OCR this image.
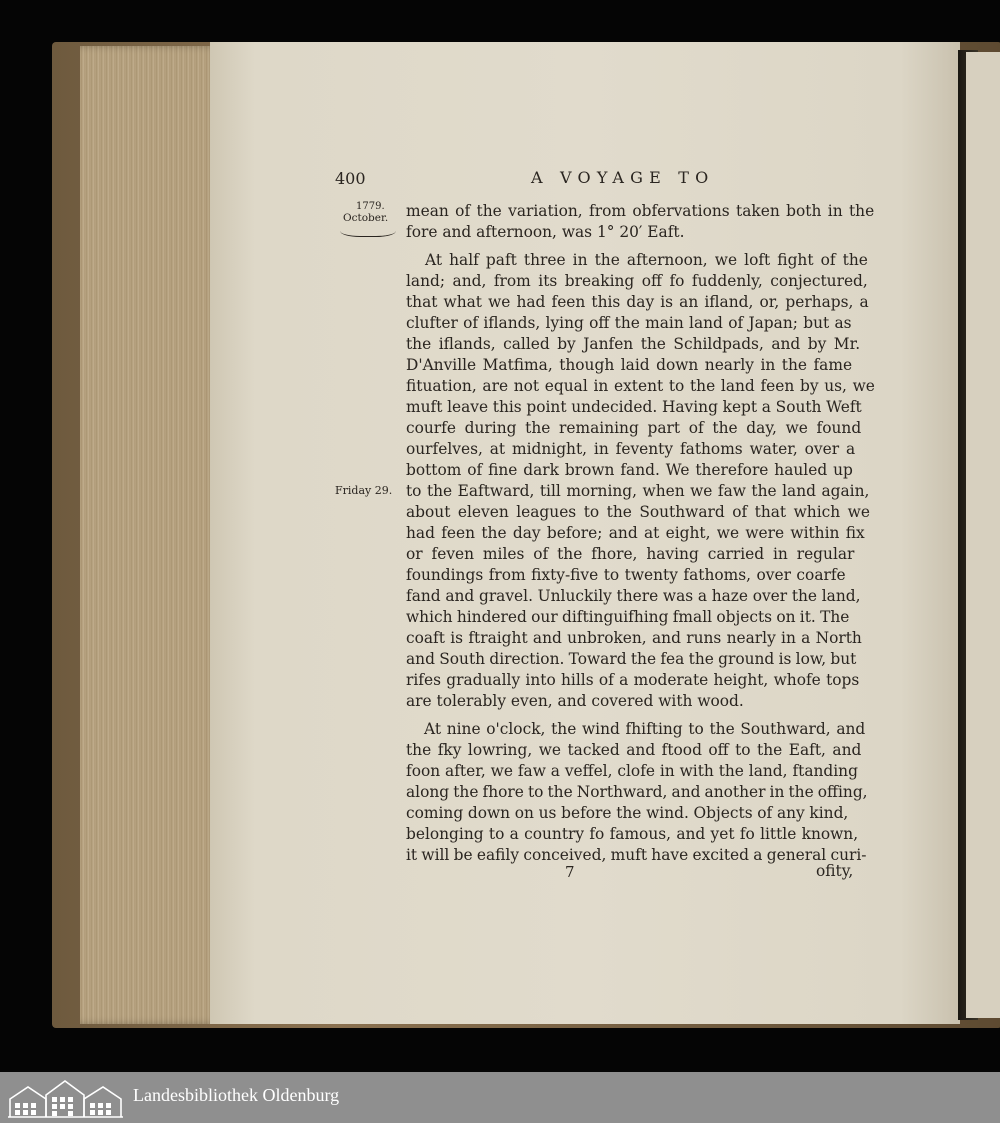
400	A VOYAGE TO
1779.
October.
Friday 29.
mean of the variation, from obfervations taken both in the
fore and afternoon, was 1° 20′ Eaft.
At half paft three in the afternoon, we loft fight of the
land; and, from its breaking off fo fuddenly, conjectured,
that what we had feen this day is an ifland, or, perhaps, a
clufter of iflands, lying off the main land of Japan; but as
the iflands, called by Janfen the Schildpads, and by Mr.
D'Anville Matfima, though laid down nearly in the fame
fituation, are not equal in extent to the land feen by us, we
muft leave this point undecided. Having kept a South Weft
courfe during the remaining part of the day, we found
ourfelves, at midnight, in feventy fathoms water, over a
bottom of fine dark brown fand. We therefore hauled up
to the Eaftward, till morning, when we faw the land again,
about eleven leagues to the Southward of that which we
had feen the day before; and at eight, we were within fix
or feven miles of the fhore, having carried in regular
foundings from fixty-five to twenty fathoms, over coarfe
fand and gravel. Unluckily there was a haze over the land,
which hindered our diftinguifhing fmall objects on it. The
coaft is ftraight and unbroken, and runs nearly in a North
and South direction. Toward the fea the ground is low, but
rifes gradually into hills of a moderate height, whofe tops
are tolerably even, and covered with wood.
At nine o'clock, the wind fhifting to the Southward, and
the fky lowring, we tacked and ftood off to the Eaft, and
foon after, we faw a veffel, clofe in with the land, ftanding
along the fhore to the Northward, and another in the offing,
coming down on us before the wind. Objects of any kind,
belonging to a country fo famous, and yet fo little known,
it will be eafily conceived, muft have excited a general curi-
7	ofity,
Landesbibliothek Oldenburg
